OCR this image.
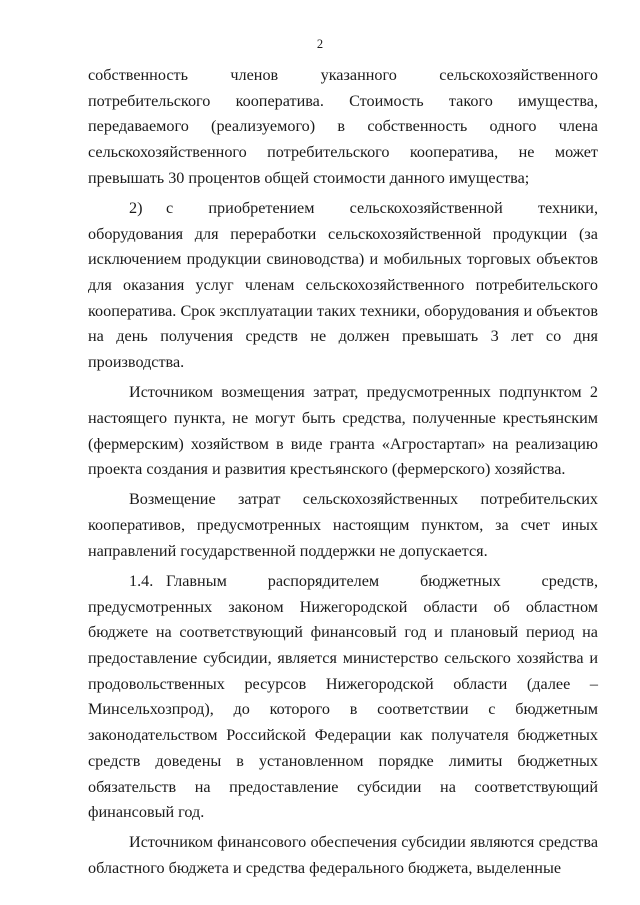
2

собственность членов указанного сельскохозяйственного потребительского кооператива. Стоимость такого имущества, передаваемого (реализуемого) в собственность одного члена сельскохозяйственного потребительского кооператива, не может превышать 30 процентов общей стоимости данного имущества;

2) с приобретением сельскохозяйственной техники, оборудования для переработки сельскохозяйственной продукции (за исключением продукции свиноводства) и мобильных торговых объектов для оказания услуг членам сельскохозяйственного потребительского кооператива. Срок эксплуатации таких техники, оборудования и объектов на день получения средств не должен превышать 3 лет со дня производства.

Источником возмещения затрат, предусмотренных подпунктом 2 настоящего пункта, не могут быть средства, полученные крестьянским (фермерским) хозяйством в виде гранта «Агростартап» на реализацию проекта создания и развития крестьянского (фермерского) хозяйства.

Возмещение затрат сельскохозяйственных потребительских кооперативов, предусмотренных настоящим пунктом, за счет иных направлений государственной поддержки не допускается.

1.4. Главным распорядителем бюджетных средств, предусмотренных законом Нижегородской области об областном бюджете на соответствующий финансовый год и плановый период на предоставление субсидии, является министерство сельского хозяйства и продовольственных ресурсов Нижегородской области (далее – Минсельхозпрод), до которого в соответствии с бюджетным законодательством Российской Федерации как получателя бюджетных средств доведены в установленном порядке лимиты бюджетных обязательств на предоставление субсидии на соответствующий финансовый год.

Источником финансового обеспечения субсидии являются средства областного бюджета и средства федерального бюджета, выделенные
